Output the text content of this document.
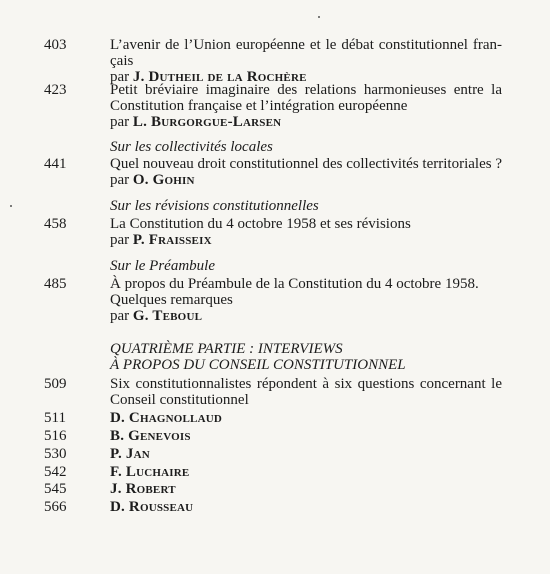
403	L’avenir de l’Union européenne et le débat constitutionnel fran-
çais
par J. Dutheil de la Rochère
423	Petit bréviaire imaginaire des relations harmonieuses entre la
Constitution française et l’intégration européenne
par L. Burgorgue-Larsen
Sur les collectivités locales
441	Quel nouveau droit constitutionnel des collectivités territoriales ?
par O. Gohin
Sur les révisions constitutionnelles
458	La Constitution du 4 octobre 1958 et ses révisions
par P. Fraisseix
Sur le Préambule
485	À propos du Préambule de la Constitution du 4 octobre 1958.
Quelques remarques
par G. Teboul
QUATRIÈME PARTIE : INTERVIEWS
À PROPOS DU CONSEIL CONSTITUTIONNEL
509	Six constitutionnalistes répondent à six questions concernant le
Conseil constitutionnel
511	D. Chagnollaud
516	B. Genevois
530	P. Jan
542	F. Luchaire
545	J. Robert
566	D. Rousseau
